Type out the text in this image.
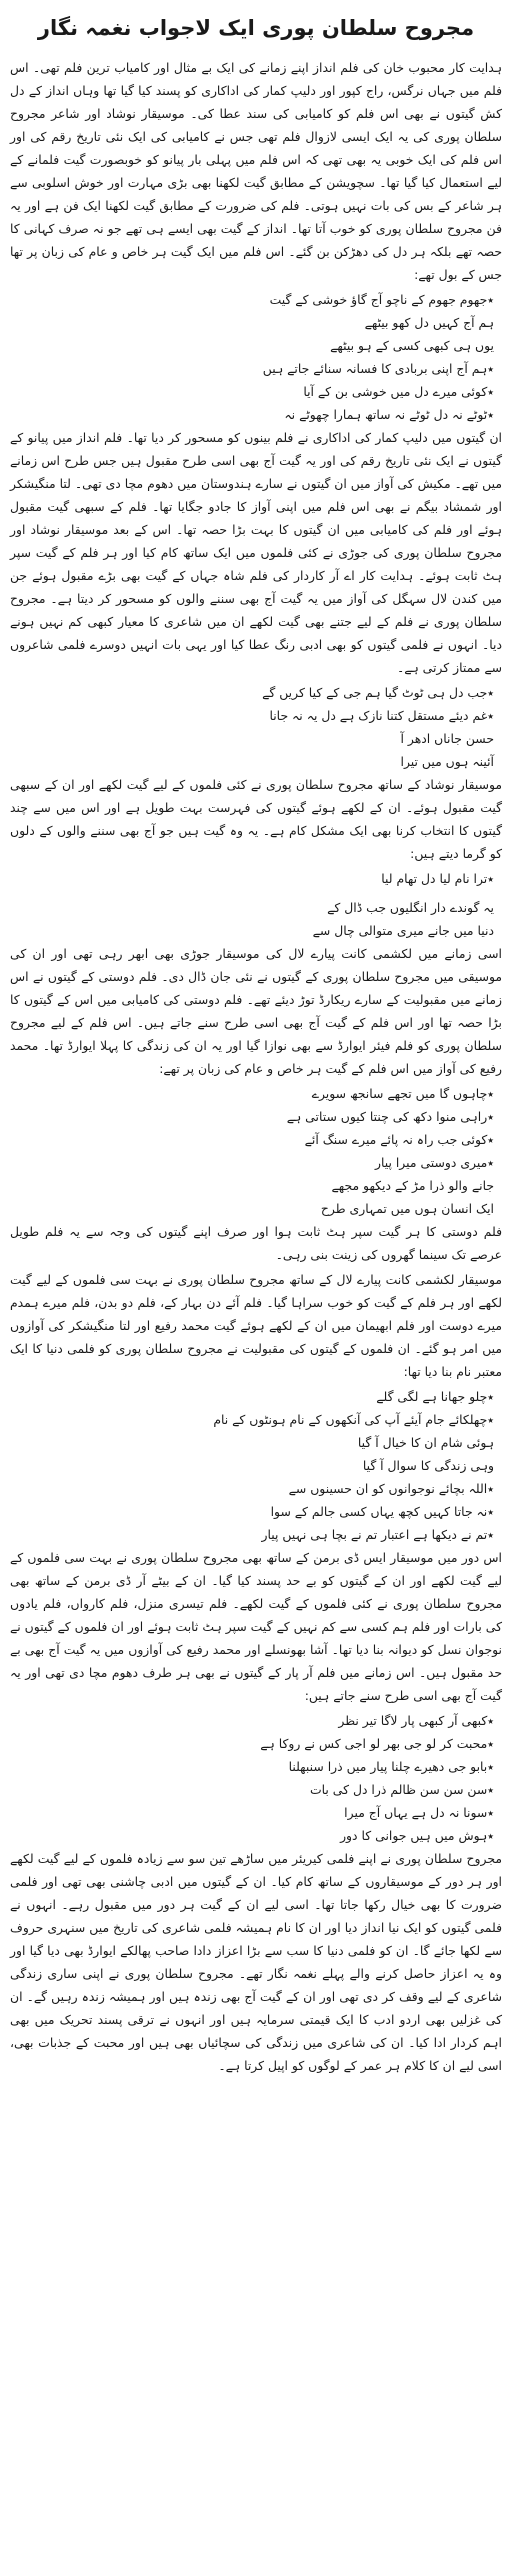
مجروح سلطان پوری ایک لاجواب نغمہ نگار
ہدایت کار محبوب خان کی فلم انداز اپنے زمانے کی ایک بے مثال اور کامیاب ترین فلم تھی۔ اس فلم میں جہاں نرگس، راج کپور اور دلیپ کمار کی اداکاری کو پسند کیا گیا تھا وہاں انداز کے دل کش گیتوں نے بھی اس فلم کو کامیابی کی سند عطا کی۔ موسیقار نوشاد اور شاعر مجروح سلطان پوری کی یہ ایک ایسی لازوال فلم تھی جس نے کامیابی کی ایک نئی تاریخ رقم کی اور اس فلم کی ایک خوبی یہ بھی تھی کہ اس فلم میں پہلی بار پیانو کو خوبصورت گیت فلمانے کے لیے استعمال کیا گیا تھا۔ سچویشن کے مطابق گیت لکھنا بھی بڑی مہارت اور خوش اسلوبی سے ہر شاعر کے بس کی بات نہیں ہوتی۔ فلم کی ضرورت کے مطابق گیت لکھنا ایک فن ہے اور یہ فن مجروح سلطان پوری کو خوب آتا تھا۔ انداز کے گیت بھی ایسے ہی تھے جو نہ صرف کہانی کا حصہ تھے بلکہ ہر دل کی دھڑکن بن گئے۔ اس فلم میں ایک گیت ہر خاص و عام کی زبان پر تھا جس کے بول تھے:
٭جھوم جھوم کے ناچو آج گاؤ خوشی کے گیت
ہم آج کہیں دل کھو بیٹھے
یوں ہی کبھی کسی کے ہو بیٹھے
٭ہم آج اپنی بربادی کا فسانہ سنائے جاتے ہیں
٭کوئی میرے دل میں خوشی بن کے آیا
٭ٹوٹے نہ دل ٹوٹے نہ ساتھ ہمارا چھوٹے نہ
ان گیتوں میں دلیپ کمار کی اداکاری نے فلم بینوں کو مسحور کر دیا تھا۔ فلم انداز میں پیانو کے گیتوں نے ایک نئی تاریخ رقم کی اور یہ گیت آج بھی اسی طرح مقبول ہیں جس طرح اس زمانے میں تھے۔ مکیش کی آواز میں ان گیتوں نے سارے ہندوستان میں دھوم مچا دی تھی۔ لتا منگیشکر اور شمشاد بیگم نے بھی اس فلم میں اپنی آواز کا جادو جگایا تھا۔ فلم کے سبھی گیت مقبول ہوئے اور فلم کی کامیابی میں ان گیتوں کا بہت بڑا حصہ تھا۔ اس کے بعد موسیقار نوشاد اور مجروح سلطان پوری کی جوڑی نے کئی فلموں میں ایک ساتھ کام کیا اور ہر فلم کے گیت سپر ہٹ ثابت ہوئے۔ ہدایت کار اے آر کاردار کی فلم شاہ جہاں کے گیت بھی بڑے مقبول ہوئے جن میں کندن لال سہگل کی آواز میں یہ گیت آج بھی سننے والوں کو مسحور کر دیتا ہے۔ مجروح سلطان پوری نے فلم کے لیے جتنے بھی گیت لکھے ان میں شاعری کا معیار کبھی کم نہیں ہونے دیا۔ انہوں نے فلمی گیتوں کو بھی ادبی رنگ عطا کیا اور یہی بات انہیں دوسرے فلمی شاعروں سے ممتاز کرتی ہے۔
٭جب دل ہی ٹوٹ گیا ہم جی کے کیا کریں گے
٭غم دیئے مستقل کتنا نازک ہے دل یہ نہ جانا
حسن جاناں ادھر آ
آئینہ ہوں میں تیرا
موسیقار نوشاد کے ساتھ مجروح سلطان پوری نے کئی فلموں کے لیے گیت لکھے اور ان کے سبھی گیت مقبول ہوئے۔ ان کے لکھے ہوئے گیتوں کی فہرست بہت طویل ہے اور اس میں سے چند گیتوں کا انتخاب کرنا بھی ایک مشکل کام ہے۔ یہ وہ گیت ہیں جو آج بھی سننے والوں کے دلوں کو گرما دیتے ہیں:
٭ترا نام لیا دل تھام لیا
یہ گوندے دار انگلیوں جب ڈال کے
دنیا میں جانے میری متوالی چال سے
اسی زمانے میں لکشمی کانت پیارے لال کی موسیقار جوڑی بھی ابھر رہی تھی اور ان کی موسیقی میں مجروح سلطان پوری کے گیتوں نے نئی جان ڈال دی۔ فلم دوستی کے گیتوں نے اس زمانے میں مقبولیت کے سارے ریکارڈ توڑ دیئے تھے۔ فلم دوستی کی کامیابی میں اس کے گیتوں کا بڑا حصہ تھا اور اس فلم کے گیت آج بھی اسی طرح سنے جاتے ہیں۔ اس فلم کے لیے مجروح سلطان پوری کو فلم فیئر ایوارڈ سے بھی نوازا گیا اور یہ ان کی زندگی کا پہلا ایوارڈ تھا۔ محمد رفیع کی آواز میں اس فلم کے گیت ہر خاص و عام کی زبان پر تھے:
٭چاہوں گا میں تجھے سانجھ سویرے
٭راہی منوا دکھ کی چنتا کیوں ستاتی ہے
٭کوئی جب راہ نہ پائے میرے سنگ آئے
٭میری دوستی میرا پیار
جانے والو ذرا مڑ کے دیکھو مجھے
ایک انسان ہوں میں تمہاری طرح
فلم دوستی کا ہر گیت سپر ہٹ ثابت ہوا اور صرف اپنے گیتوں کی وجہ سے یہ فلم طویل عرصے تک سینما گھروں کی زینت بنی رہی۔
موسیقار لکشمی کانت پیارے لال کے ساتھ مجروح سلطان پوری نے بہت سی فلموں کے لیے گیت لکھے اور ہر فلم کے گیت کو خوب سراہا گیا۔ فلم آئے دن بہار کے، فلم دو بدن، فلم میرے ہمدم میرے دوست اور فلم ابھیمان میں ان کے لکھے ہوئے گیت محمد رفیع اور لتا منگیشکر کی آوازوں میں امر ہو گئے۔ ان فلموں کے گیتوں کی مقبولیت نے مجروح سلطان پوری کو فلمی دنیا کا ایک معتبر نام بنا دیا تھا:
٭چلو جھانا ہے لگی گلے
٭چھلکائے جام آیئے آپ کی آنکھوں کے نام ہونٹوں کے نام
ہوئی شام ان کا خیال آ گیا
وہی زندگی کا سوال آ گیا
٭اللہ بچائے نوجوانوں کو ان حسینوں سے
٭نہ جاتا کہیں کچھ یہاں کسی جالم کے سوا
٭تم نے دیکھا ہے اعتبار تم نے بچا ہی نہیں پیار
اس دور میں موسیقار ایس ڈی برمن کے ساتھ بھی مجروح سلطان پوری نے بہت سی فلموں کے لیے گیت لکھے اور ان کے گیتوں کو بے حد پسند کیا گیا۔ ان کے بیٹے آر ڈی برمن کے ساتھ بھی مجروح سلطان پوری نے کئی فلموں کے گیت لکھے۔ فلم تیسری منزل، فلم کارواں، فلم یادوں کی بارات اور فلم ہم کسی سے کم نہیں کے گیت سپر ہٹ ثابت ہوئے اور ان فلموں کے گیتوں نے نوجوان نسل کو دیوانہ بنا دیا تھا۔ آشا بھونسلے اور محمد رفیع کی آوازوں میں یہ گیت آج بھی بے حد مقبول ہیں۔ اس زمانے میں فلم آر پار کے گیتوں نے بھی ہر طرف دھوم مچا دی تھی اور یہ گیت آج بھی اسی طرح سنے جاتے ہیں:
٭کبھی آر کبھی پار لاگا تیر نظر
٭محبت کر لو جی بھر لو اجی کس نے روکا ہے
٭بابو جی دھیرے چلنا پیار میں ذرا سنبھلنا
٭سن سن سن ظالم ذرا دل کی بات
٭سونا نہ دل ہے یہاں آج میرا
٭ہوش میں ہیں جوانی کا دور
مجروح سلطان پوری نے اپنے فلمی کیریئر میں ساڑھے تین سو سے زیادہ فلموں کے لیے گیت لکھے اور ہر دور کے موسیقاروں کے ساتھ کام کیا۔ ان کے گیتوں میں ادبی چاشنی بھی تھی اور فلمی ضرورت کا بھی خیال رکھا جاتا تھا۔ اسی لیے ان کے گیت ہر دور میں مقبول رہے۔ انہوں نے فلمی گیتوں کو ایک نیا انداز دیا اور ان کا نام ہمیشہ فلمی شاعری کی تاریخ میں سنہری حروف سے لکھا جائے گا۔ ان کو فلمی دنیا کا سب سے بڑا اعزاز دادا صاحب پھالکے ایوارڈ بھی دیا گیا اور وہ یہ اعزاز حاصل کرنے والے پہلے نغمہ نگار تھے۔ مجروح سلطان پوری نے اپنی ساری زندگی شاعری کے لیے وقف کر دی تھی اور ان کے گیت آج بھی زندہ ہیں اور ہمیشہ زندہ رہیں گے۔ ان کی غزلیں بھی اردو ادب کا ایک قیمتی سرمایہ ہیں اور انہوں نے ترقی پسند تحریک میں بھی اہم کردار ادا کیا۔ ان کی شاعری میں زندگی کی سچائیاں بھی ہیں اور محبت کے جذبات بھی، اسی لیے ان کا کلام ہر عمر کے لوگوں کو اپیل کرتا ہے۔
